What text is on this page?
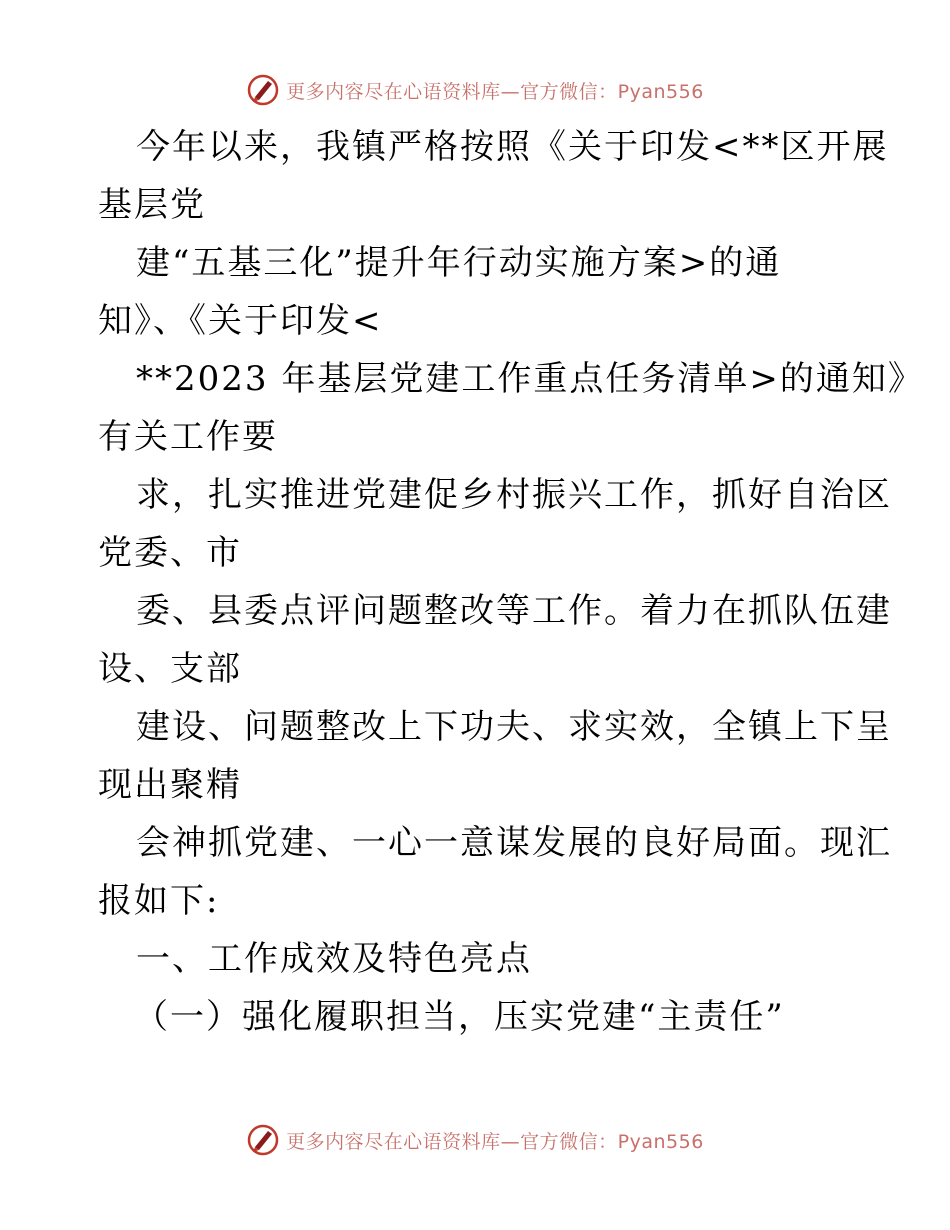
更多内容尽在心语资料库—官方微信：Pyan556
今年以来，我镇严格按照《关于印发<**区开展
基层党
建“五基三化”提升年行动实施方案>的通
知》、《关于印发<
**2023 年基层党建工作重点任务清单>的通知》
有关工作要
求，扎实推进党建促乡村振兴工作，抓好自治区
党委、市
委、县委点评问题整改等工作。着力在抓队伍建
设、支部
建设、问题整改上下功夫、求实效，全镇上下呈
现出聚精
会神抓党建、一心一意谋发展的良好局面。现汇
报如下:
一、工作成效及特色亮点
（一）强化履职担当，压实党建“主责任”
更多内容尽在心语资料库—官方微信：Pyan556
